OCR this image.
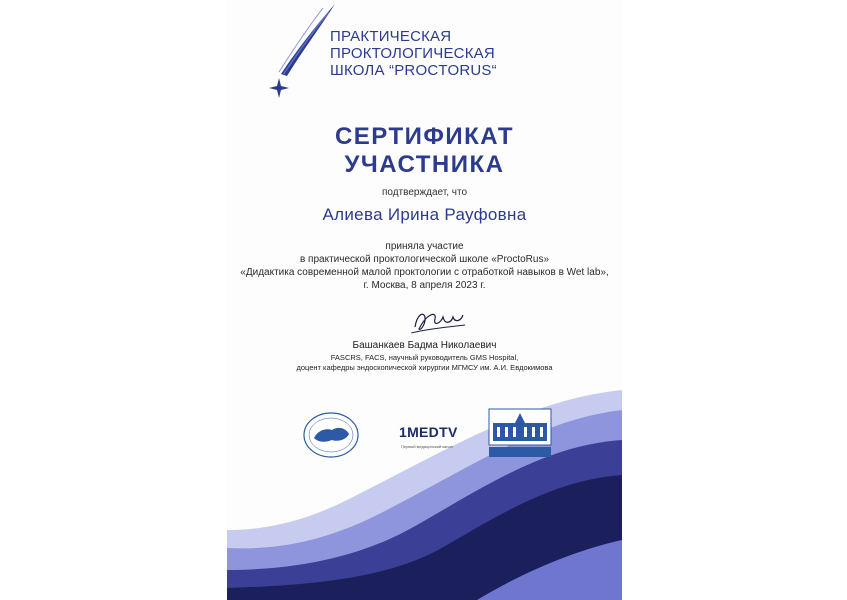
ПРАКТИЧЕСКАЯ
ПРОКТОЛОГИЧЕСКАЯ
ШКОЛА “PROCTORUS“
СЕРТИФИКАТ
УЧАСТНИКА
подтверждает, что
Алиева Ирина Рауфовна
приняла участие
в практической проктологической школе «ProctoRus»
«Дидактика современной малой проктологии с отработкой навыков в Wet lab»,
г. Москва, 8 апреля 2023 г.
Башанкаев Бадма Николаевич
FASCRS, FACS, научный руководитель GMS Hospital,
доцент кафедры эндоскопической хирургии МГМСУ им. А.И. Евдокимова
1MEDTV
Первый медицинский канал
